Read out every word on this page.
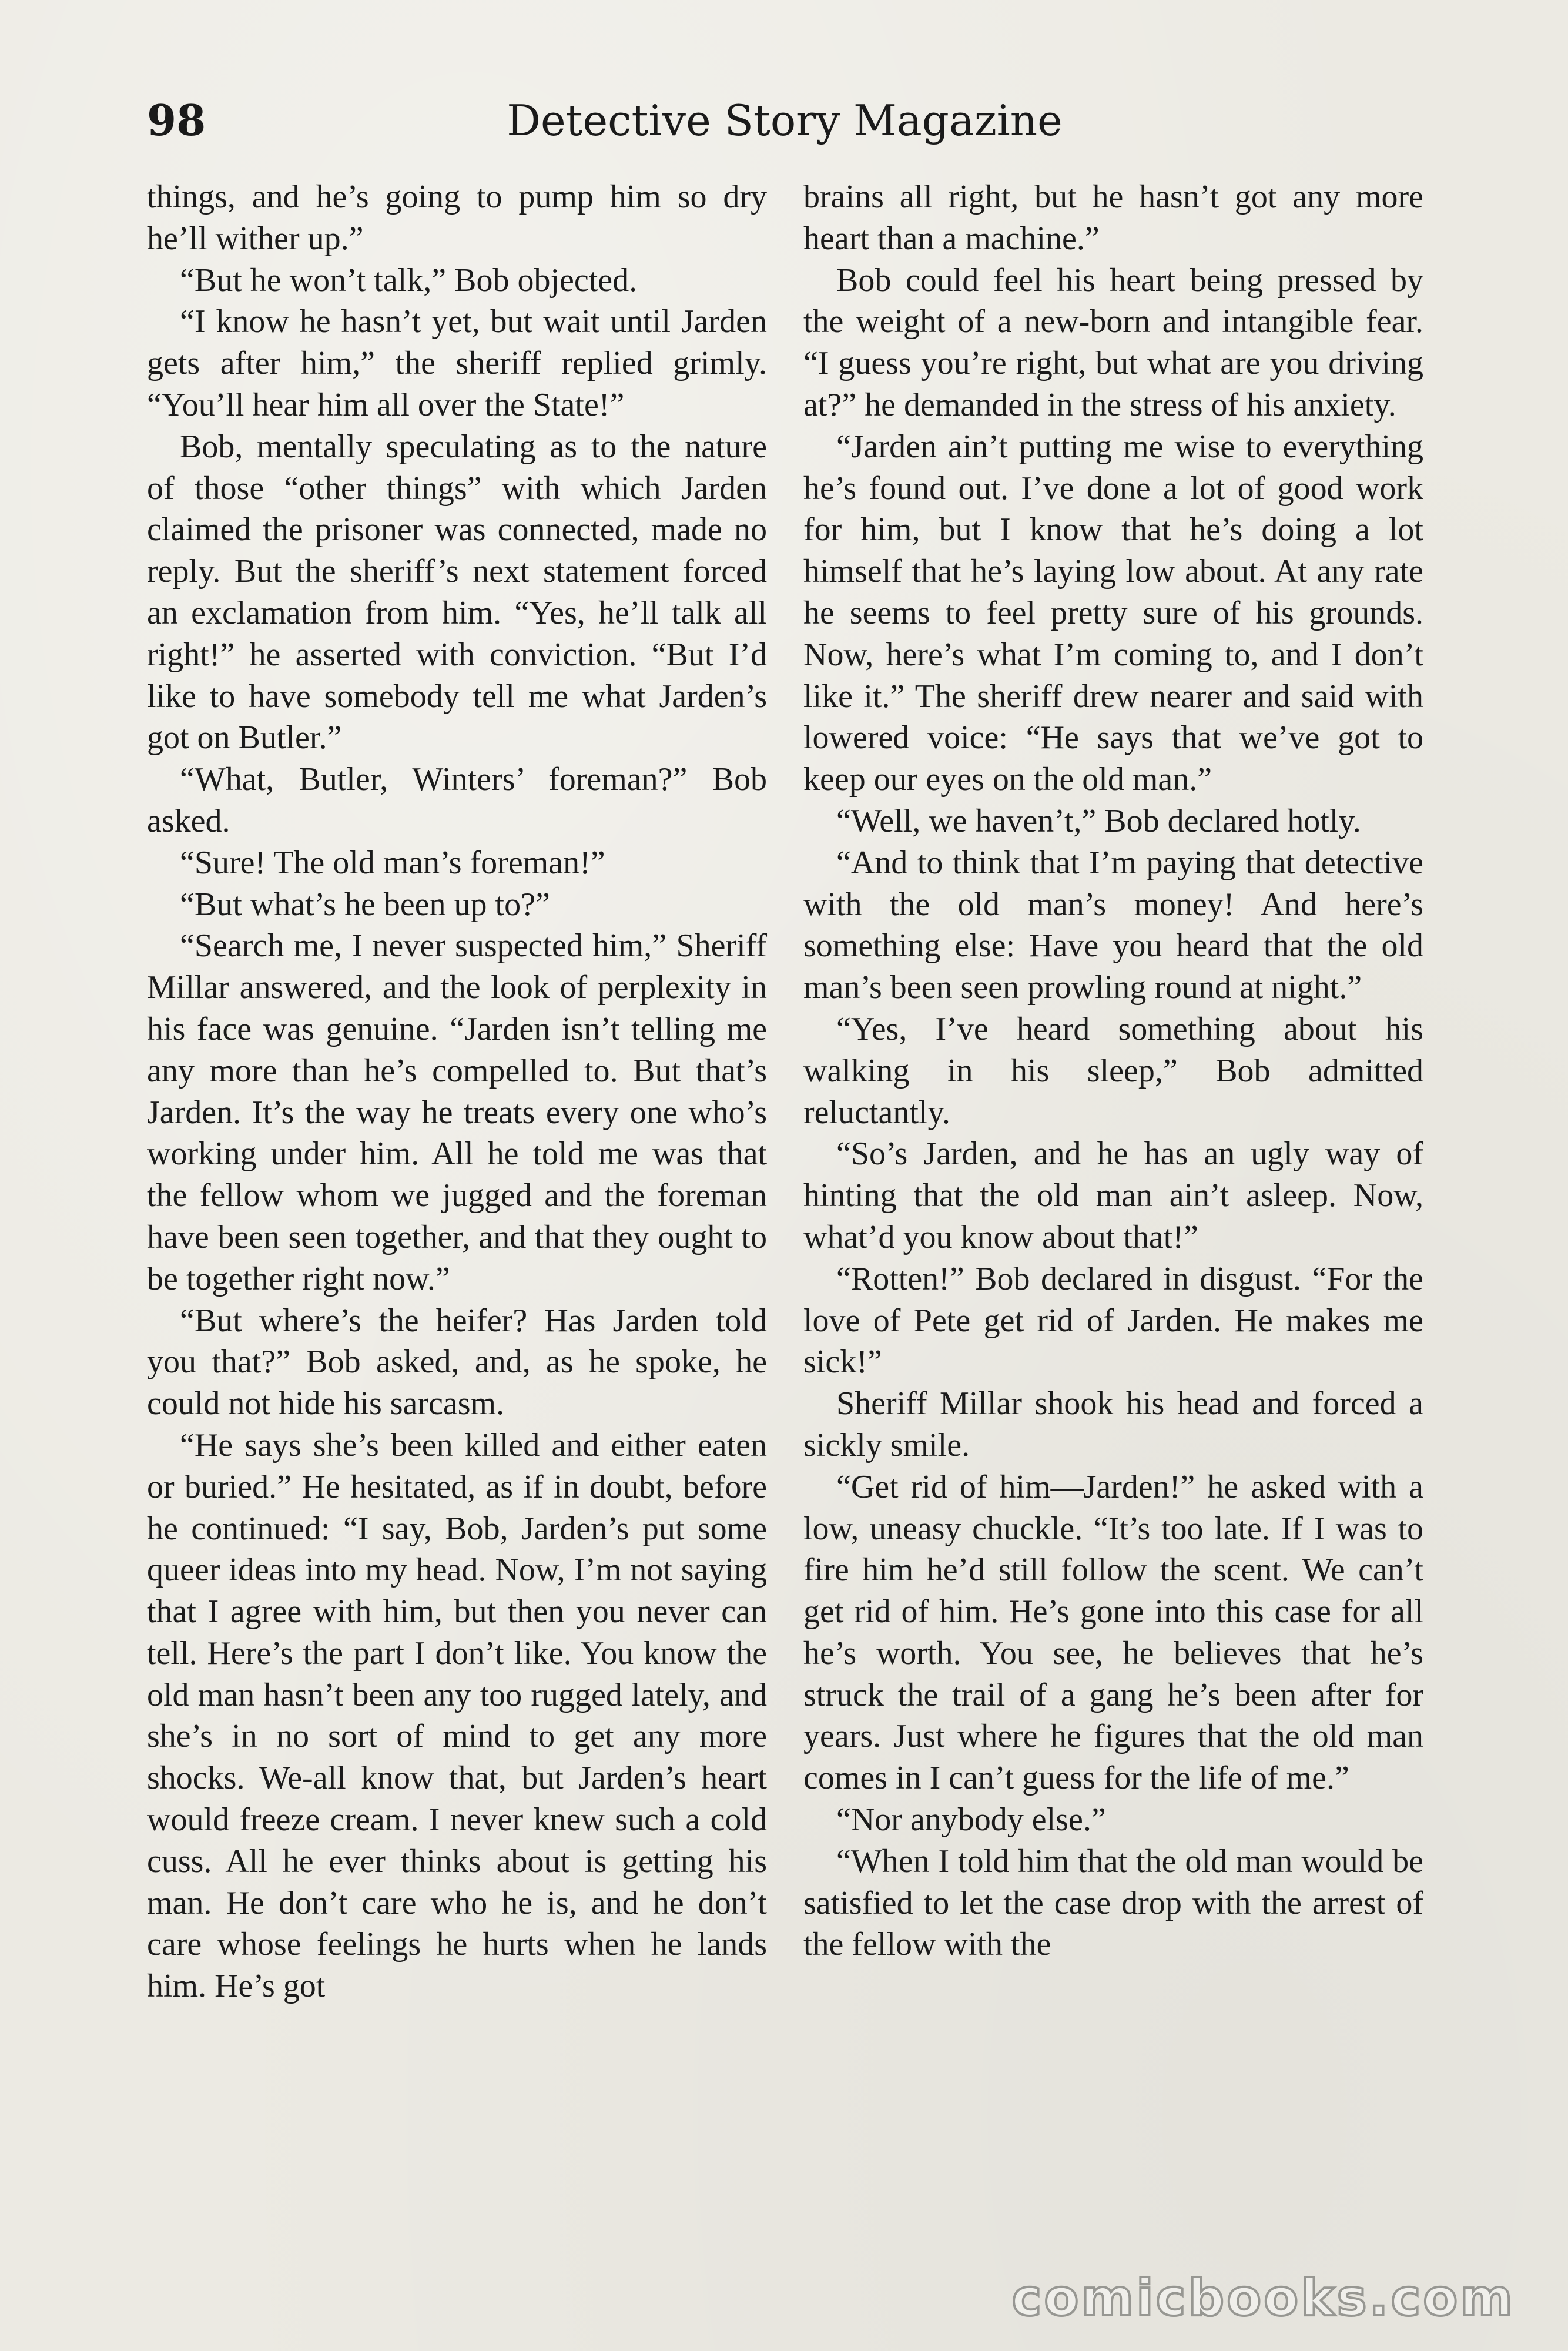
98	Detective Story Magazine

things, and he’s going to pump him so dry he’ll wither up.”

“But he won’t talk,” Bob objected.

“I know he hasn’t yet, but wait until Jarden gets after him,” the sheriff replied grimly. “You’ll hear him all over the State!”

Bob, mentally speculating as to the nature of those “other things” with which Jarden claimed the prisoner was connected, made no reply. But the sheriff’s next statement forced an exclamation from him. “Yes, he’ll talk all right!” he asserted with conviction. “But I’d like to have somebody tell me what Jarden’s got on Butler.”

“What, Butler, Winters’ foreman?” Bob asked.

“Sure! The old man’s foreman!”

“But what’s he been up to?”

“Search me, I never suspected him,” Sheriff Millar answered, and the look of perplexity in his face was genuine. “Jarden isn’t telling me any more than he’s compelled to. But that’s Jarden. It’s the way he treats every one who’s working under him. All he told me was that the fellow whom we jugged and the foreman have been seen together, and that they ought to be together right now.”

“But where’s the heifer? Has Jarden told you that?” Bob asked, and, as he spoke, he could not hide his sarcasm.

“He says she’s been killed and either eaten or buried.” He hesitated, as if in doubt, before he continued: “I say, Bob, Jarden’s put some queer ideas into my head. Now, I’m not saying that I agree with him, but then you never can tell. Here’s the part I don’t like. You know the old man hasn’t been any too rugged lately, and she’s in no sort of mind to get any more shocks. We-all know that, but Jarden’s heart would freeze cream. I never knew such a cold cuss. All he ever thinks about is getting his man. He don’t care who he is, and he don’t care whose feelings he hurts when he lands him. He’s got

brains all right, but he hasn’t got any more heart than a machine.”

Bob could feel his heart being pressed by the weight of a new-born and intangible fear. “I guess you’re right, but what are you driving at?” he demanded in the stress of his anxiety.

“Jarden ain’t putting me wise to everything he’s found out. I’ve done a lot of good work for him, but I know that he’s doing a lot himself that he’s laying low about. At any rate he seems to feel pretty sure of his grounds. Now, here’s what I’m coming to, and I don’t like it.” The sheriff drew nearer and said with lowered voice: “He says that we’ve got to keep our eyes on the old man.”

“Well, we haven’t,” Bob declared hotly.

“And to think that I’m paying that detective with the old man’s money! And here’s something else: Have you heard that the old man’s been seen prowling round at night.”

“Yes, I’ve heard something about his walking in his sleep,” Bob admitted reluctantly.

“So’s Jarden, and he has an ugly way of hinting that the old man ain’t asleep. Now, what’d you know about that!”

“Rotten!” Bob declared in disgust. “For the love of Pete get rid of Jarden. He makes me sick!”

Sheriff Millar shook his head and forced a sickly smile.

“Get rid of him—Jarden!” he asked with a low, uneasy chuckle. “It’s too late. If I was to fire him he’d still follow the scent. We can’t get rid of him. He’s gone into this case for all he’s worth. You see, he believes that he’s struck the trail of a gang he’s been after for years. Just where he figures that the old man comes in I can’t guess for the life of me.”

“Nor anybody else.”

“When I told him that the old man would be satisfied to let the case drop with the arrest of the fellow with the

comicbooks.com
